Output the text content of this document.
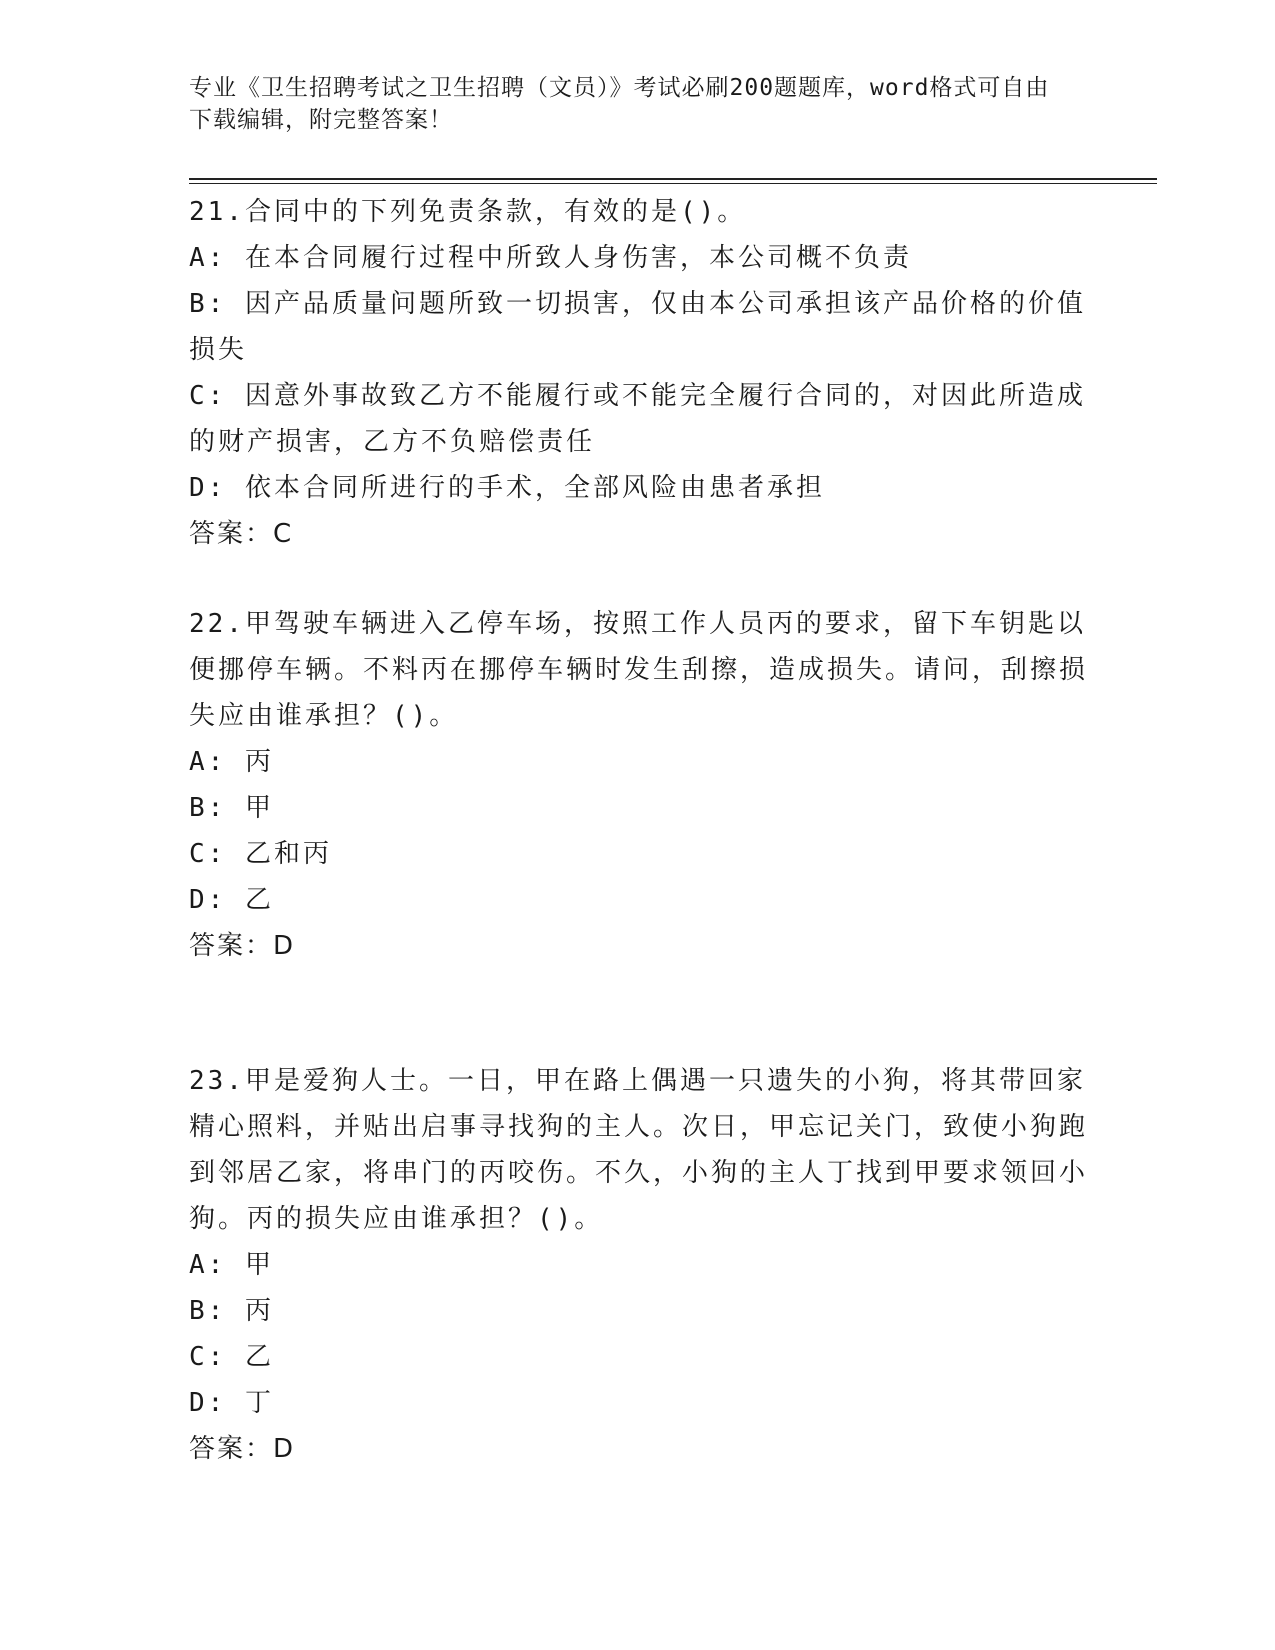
专业《卫生招聘考试之卫生招聘（文员）》考试必刷200题题库，word格式可自由下载编辑，附完整答案！
21.合同中的下列免责条款，有效的是()。
A: 在本合同履行过程中所致人身伤害，本公司概不负责
B: 因产品质量问题所致一切损害，仅由本公司承担该产品价格的价值损失
C: 因意外事故致乙方不能履行或不能完全履行合同的，对因此所造成的财产损害，乙方不负赔偿责任
D: 依本合同所进行的手术，全部风险由患者承担
答案：C
22.甲驾驶车辆进入乙停车场，按照工作人员丙的要求，留下车钥匙以便挪停车辆。不料丙在挪停车辆时发生刮擦，造成损失。请问，刮擦损失应由谁承担？()。
A: 丙
B: 甲
C: 乙和丙
D: 乙
答案：D
23.甲是爱狗人士。一日，甲在路上偶遇一只遗失的小狗，将其带回家精心照料，并贴出启事寻找狗的主人。次日，甲忘记关门，致使小狗跑到邻居乙家，将串门的丙咬伤。不久，小狗的主人丁找到甲要求领回小狗。丙的损失应由谁承担？()。
A: 甲
B: 丙
C: 乙
D: 丁
答案：D
